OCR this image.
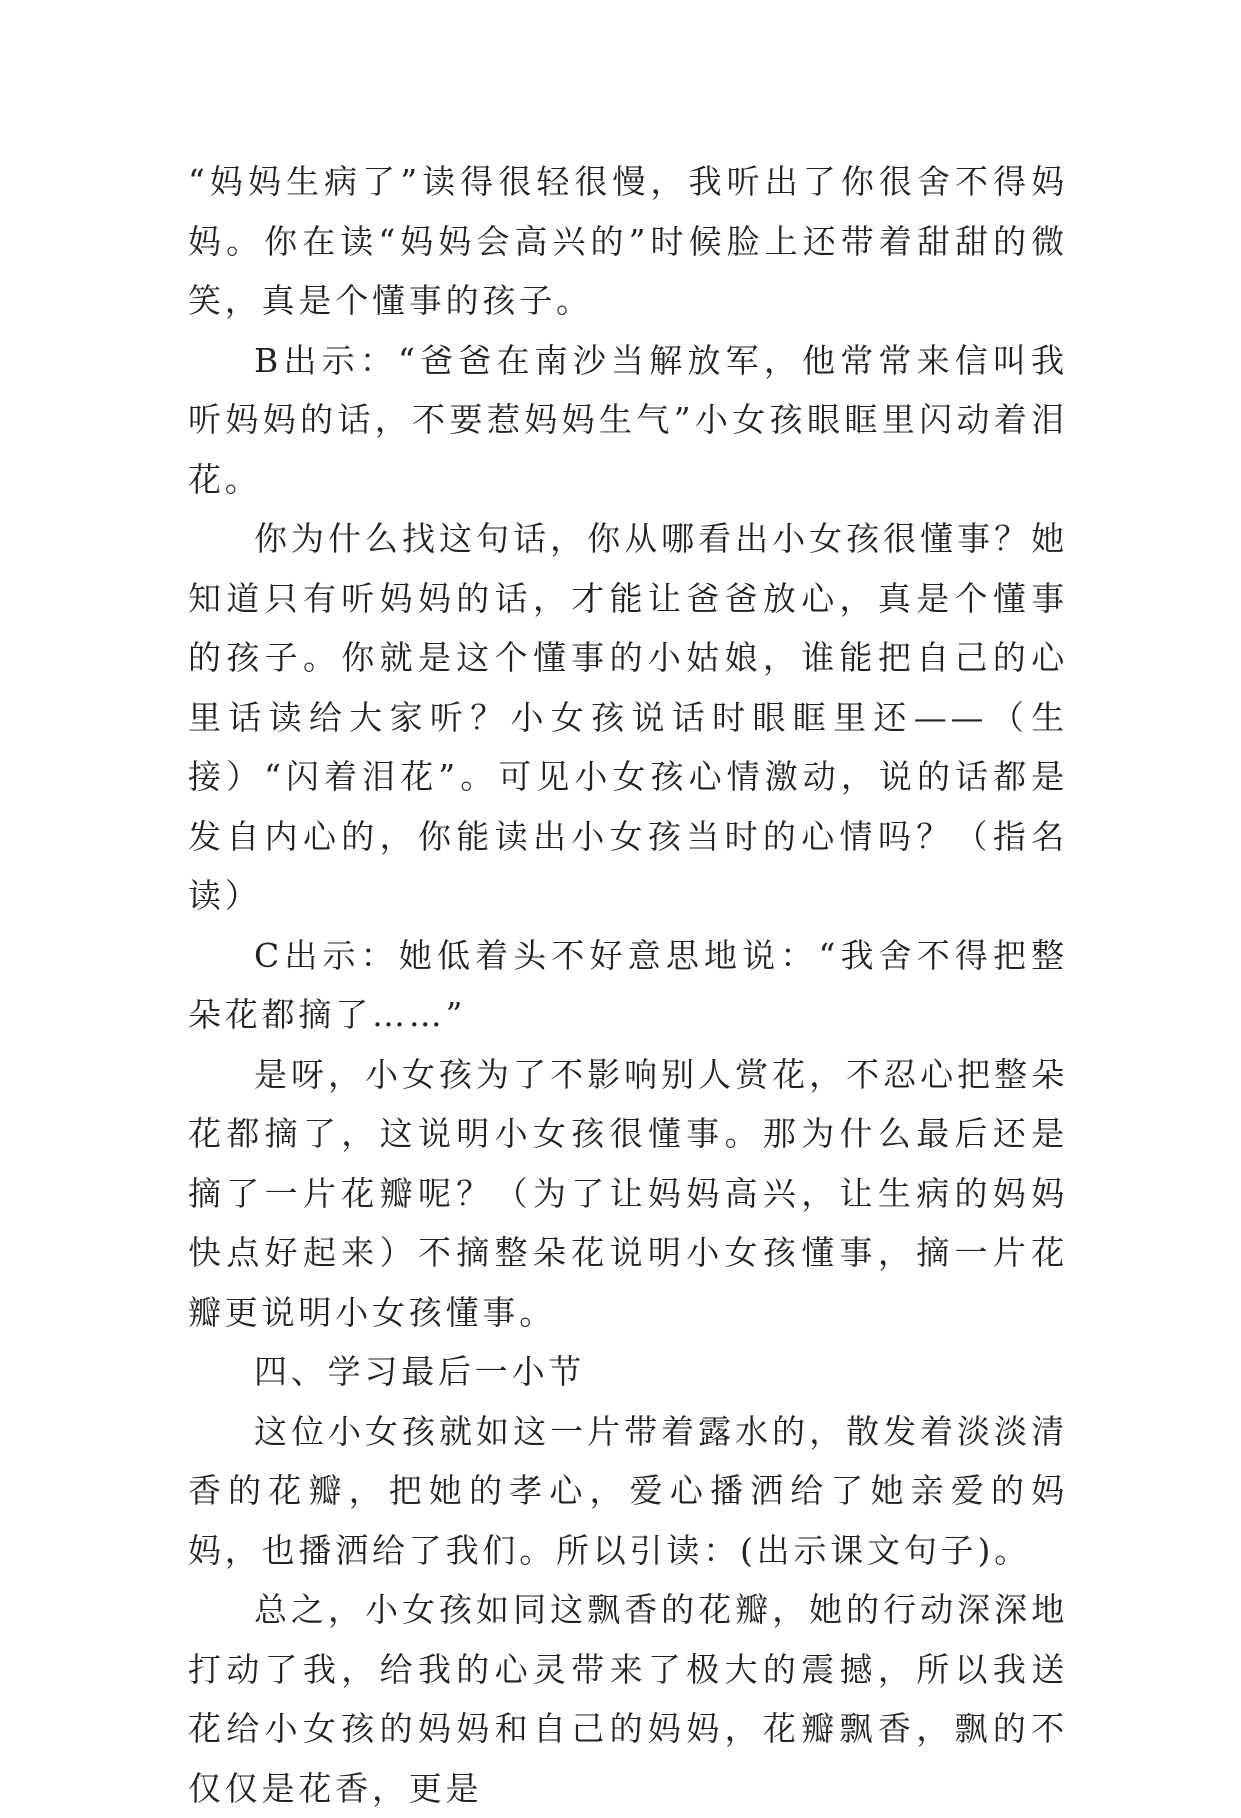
“妈妈生病了”读得很轻很慢，我听出了你很舍不得妈妈。你在读“妈妈会高兴的”时候脸上还带着甜甜的微笑，真是个懂事的孩子。

B出示：“爸爸在南沙当解放军，他常常来信叫我听妈妈的话，不要惹妈妈生气”小女孩眼眶里闪动着泪花。

你为什么找这句话，你从哪看出小女孩很懂事？她知道只有听妈妈的话，才能让爸爸放心，真是个懂事的孩子。你就是这个懂事的小姑娘，谁能把自己的心里话读给大家听？小女孩说话时眼眶里还——（生接）“闪着泪花”。可见小女孩心情激动，说的话都是发自内心的，你能读出小女孩当时的心情吗？（指名读）

C出示：她低着头不好意思地说：“我舍不得把整朵花都摘了……”

是呀，小女孩为了不影响别人赏花，不忍心把整朵花都摘了，这说明小女孩很懂事。那为什么最后还是摘了一片花瓣呢？（为了让妈妈高兴，让生病的妈妈快点好起来）不摘整朵花说明小女孩懂事，摘一片花瓣更说明小女孩懂事。

四、学习最后一小节

这位小女孩就如这一片带着露水的，散发着淡淡清香的花瓣，把她的孝心，爱心播洒给了她亲爱的妈妈，也播洒给了我们。所以引读：(出示课文句子)。

总之，小女孩如同这飘香的花瓣，她的行动深深地打动了我，给我的心灵带来了极大的震撼，所以我送花给小女孩的妈妈和自己的妈妈，花瓣飘香，飘的不仅仅是花香，更是
